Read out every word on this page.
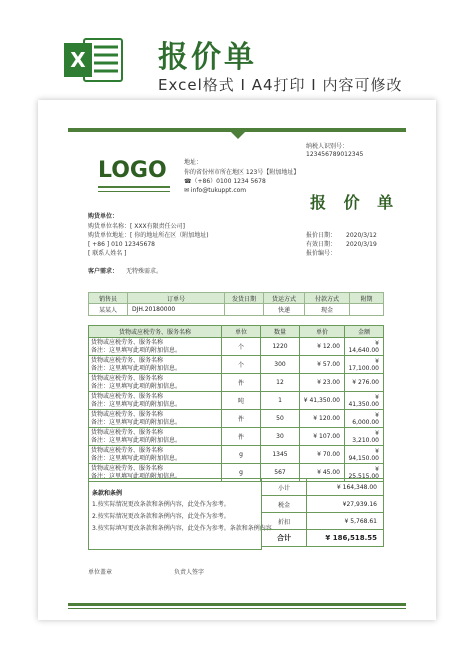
X 报价单
Excel格式 I A4打印 I 内容可修改
LOGO	地址：
你的省份州市所在地区 123号【附加地址】
☎（+86）0100 1234 5678
✉ info@tukuppt.com
纳税人识别号：
123456789012345
报 价 单
购货单位：
购货单位名称：[ XXX有限责任公司]
购货单位地址：[ 你的地址所在区（附加地址)
[ +86 ] 010 12345678
[ 联系人姓名 ]
报价日期： 2020/3/12
有效日期： 2020/3/19
报价编号：
客户需求： 无特殊需求。
销售员	订单号	发货日期	货运方式	付款方式	附期
某某人	DJH.20180000		快递	现金	
货物或应税劳务、服务名称	单位	数量	单价	金额

货物或应税劳务、服务名称
备注：这里填写此项的附加信息。	个	1220	¥ 12.00	¥ 14,640.00

货物或应税劳务、服务名称
备注：这里填写此项的附加信息。	个	300	¥ 57.00	¥ 17,100.00

货物或应税劳务、服务名称
备注：这里填写此项的附加信息。	件	12	¥ 23.00	¥ 276.00

货物或应税劳务、服务名称
备注：这里填写此项的附加信息。	吨	1	¥ 41,350.00	¥ 41,350.00

货物或应税劳务、服务名称
备注：这里填写此项的附加信息。	件	50	¥ 120.00	¥ 6,000.00

货物或应税劳务、服务名称
备注：这里填写此项的附加信息。	件	30	¥ 107.00	¥ 3,210.00

货物或应税劳务、服务名称
备注：这里填写此项的附加信息。	g	1345	¥ 70.00	¥ 94,150.00

货物或应税劳务、服务名称
备注：这里填写此项的附加信息。	g	567	¥ 45.00	¥ 25,515.00
条款和条例
1.按实际情况更改条款和条例内容，此处作为参考。
2.按实际情况更改条款和条例内容，此处作为参考。
3.按实际填写更改条款和条例内容，此处作为参考。条款和条例内容
小计	¥ 164,348.00
税金	¥27,939.16
折扣	¥ 5,768.61
合计	¥ 186,518.55
单位盖章	负责人签字
